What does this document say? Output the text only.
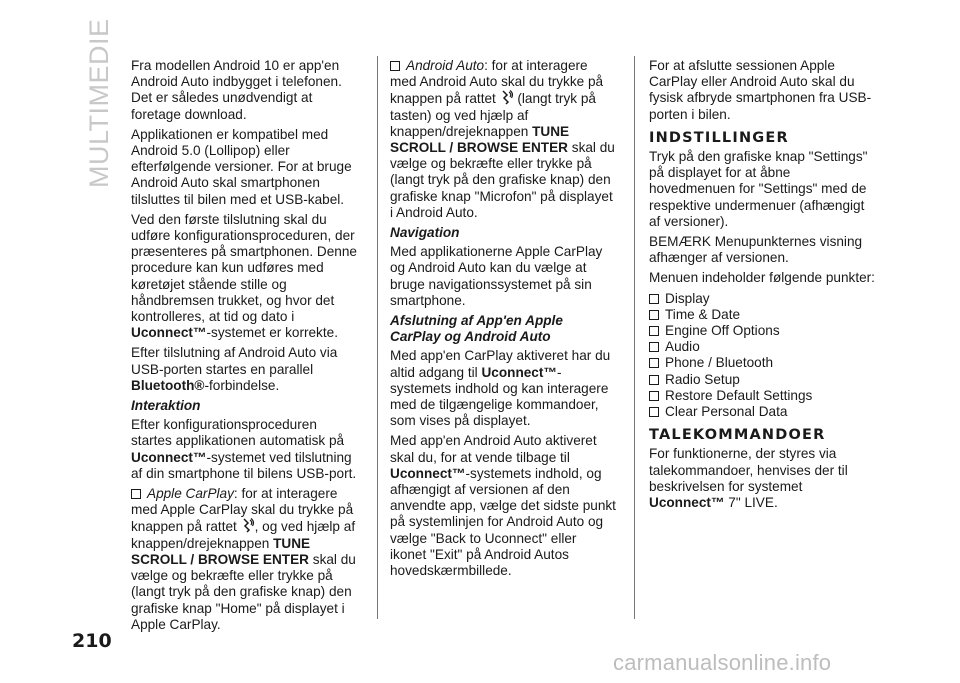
MULTIMEDIE Fra modellen Android 10 er app'en Android Auto indbygget i telefonen. Det er således unødvendigt at foretage download.

Applikationen er kompatibel med Android 5.0 (Lollipop) eller efterfølgende versioner. For at bruge Android Auto skal smartphonen tilsluttes til bilen med et USB-kabel.

Ved den første tilslutning skal du udføre konfigurationsproceduren, der præsenteres på smartphonen. Denne procedure kan kun udføres med køretøjet stående stille og håndbremsen trukket, og hvor det kontrolleres, at tid og dato i Uconnect™-systemet er korrekte.

Efter tilslutning af Android Auto via USB-porten startes en parallel Bluetooth®-forbindelse.

Interaktion

Efter konfigurationsproceduren startes applikationen automatisk på Uconnect™-systemet ved tilslutning af din smartphone til bilens USB-port.

Apple CarPlay: for at interagere med Apple CarPlay skal du trykke på knappen på rattet , og ved hjælp af knappen/drejeknappen TUNE SCROLL / BROWSE ENTER skal du vælge og bekræfte eller trykke på (langt tryk på den grafiske knap) den grafiske knap "Home" på displayet i Apple CarPlay.

Android Auto: for at interagere med Android Auto skal du trykke på knappen på rattet  (langt tryk på tasten) og ved hjælp af knappen/drejeknappen TUNE SCROLL / BROWSE ENTER skal du vælge og bekræfte eller trykke på (langt tryk på den grafiske knap) den grafiske knap "Microfon" på displayet i Android Auto.

Navigation

Med applikationerne Apple CarPlay og Android Auto kan du vælge at bruge navigationssystemet på sin smartphone.

Afslutning af App'en Apple CarPlay og Android Auto

Med app'en CarPlay aktiveret har du altid adgang til Uconnect™-systemets indhold og kan interagere med de tilgængelige kommandoer, som vises på displayet.

Med app'en Android Auto aktiveret skal du, for at vende tilbage til Uconnect™-systemets indhold, og afhængigt af versionen af den anvendte app, vælge det sidste punkt på systemlinjen for Android Auto og vælge "Back to Uconnect" eller ikonet "Exit" på Android Autos hovedskærmbillede.

For at afslutte sessionen Apple CarPlay eller Android Auto skal du fysisk afbryde smartphonen fra USB-porten i bilen.

INDSTILLINGER

Tryk på den grafiske knap "Settings" på displayet for at åbne hovedmenuen for "Settings" med de respektive undermenuer (afhængigt af versioner).

BEMÆRK Menupunkternes visning afhænger af versionen.

Menuen indeholder følgende punkter:

Display
Time & Date
Engine Off Options
Audio
Phone / Bluetooth
Radio Setup
Restore Default Settings
Clear Personal Data
TALEKOMMANDOER

For funktionerne, der styres via talekommandoer, henvises der til beskrivelsen for systemet Uconnect™ 7" LIVE.

210
carmanualsonline.info
